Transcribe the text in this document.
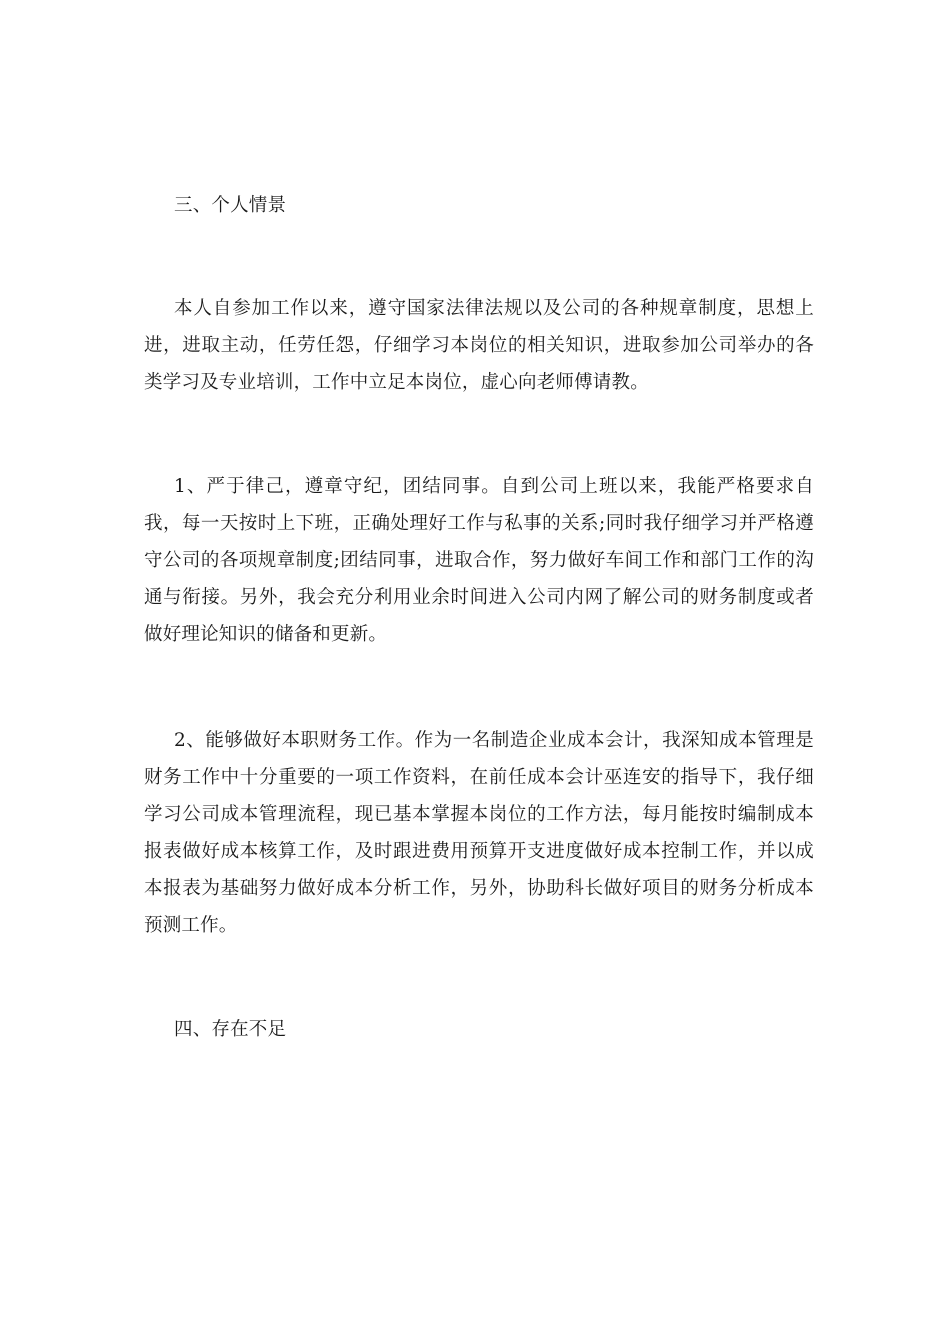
三、个人情景

本人自参加工作以来，遵守国家法律法规以及公司的各种规章制度，思想上进，进取主动，任劳任怨，仔细学习本岗位的相关知识，进取参加公司举办的各类学习及专业培训，工作中立足本岗位，虚心向老师傅请教。

1、严于律己，遵章守纪，团结同事。自到公司上班以来，我能严格要求自我，每一天按时上下班，正确处理好工作与私事的关系;同时我仔细学习并严格遵守公司的各项规章制度;团结同事，进取合作，努力做好车间工作和部门工作的沟通与衔接。另外，我会充分利用业余时间进入公司内网了解公司的财务制度或者做好理论知识的储备和更新。

2、能够做好本职财务工作。作为一名制造企业成本会计，我深知成本管理是财务工作中十分重要的一项工作资料，在前任成本会计巫连安的指导下，我仔细学习公司成本管理流程，现已基本掌握本岗位的工作方法，每月能按时编制成本报表做好成本核算工作，及时跟进费用预算开支进度做好成本控制工作，并以成本报表为基础努力做好成本分析工作，另外，协助科长做好项目的财务分析成本预测工作。

四、存在不足
